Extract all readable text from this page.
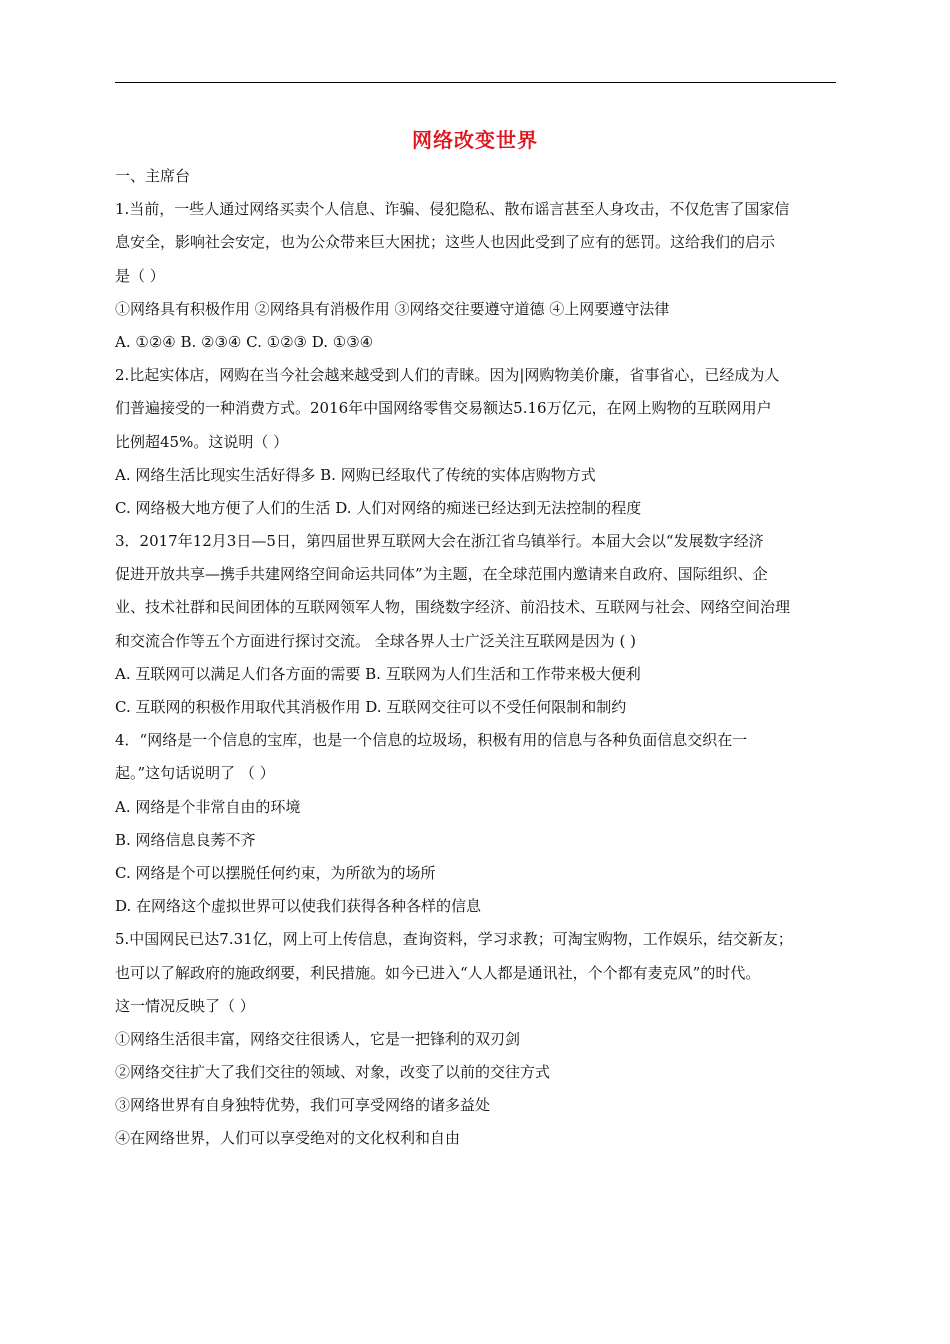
网络改变世界
一、主席台
1.当前，一些人通过网络买卖个人信息、诈骗、侵犯隐私、散布谣言甚至人身攻击，不仅危害了国家信
息安全，影响社会安定，也为公众带来巨大困扰；这些人也因此受到了应有的惩罚。这给我们的启示
是（ ）
①网络具有积极作用 ②网络具有消极作用 ③网络交往要遵守道德 ④上网要遵守法律
A. ①②④ B. ②③④ C. ①②③ D. ①③④
2.比起实体店，网购在当今社会越来越受到人们的青睐。因为|网购物美价廉，省事省心，已经成为人
们普遍接受的一种消费方式。2016年中国网络零售交易额达5.16万亿元，在网上购物的互联网用户
比例超45%。这说明（ ）
A. 网络生活比现实生活好得多 B. 网购已经取代了传统的实体店购物方式
C. 网络极大地方便了人们的生活 D. 人们对网络的痴迷已经达到无法控制的程度
3．2017年12月3日—5日，第四届世界互联网大会在浙江省乌镇举行。本届大会以“发展数字经济
促进开放共享—携手共建网络空间命运共同体”为主题，在全球范围内邀请来自政府、国际组织、企
业、技术社群和民间团体的互联网领军人物，围绕数字经济、前沿技术、互联网与社会、网络空间治理
和交流合作等五个方面进行探讨交流。 全球各界人士广泛关注互联网是因为 ( )
A. 互联网可以满足人们各方面的需要 B. 互联网为人们生活和工作带来极大便利
C. 互联网的积极作用取代其消极作用 D. 互联网交往可以不受任何限制和制约
4．“网络是一个信息的宝库，也是一个信息的垃圾场，积极有用的信息与各种负面信息交织在一
起。”这句话说明了 （ ）
A. 网络是个非常自由的环境
B. 网络信息良莠不齐
C. 网络是个可以摆脱任何约束，为所欲为的场所
D. 在网络这个虚拟世界可以使我们获得各种各样的信息
5.中国网民已达7.31亿，网上可上传信息，查询资料，学习求教；可淘宝购物，工作娱乐，结交新友；
也可以了解政府的施政纲要，利民措施。如今已进入“人人都是通讯社，个个都有麦克风”的时代。
这一情况反映了（ ）
①网络生活很丰富，网络交往很诱人，它是一把锋利的双刃剑
②网络交往扩大了我们交往的领域、对象，改变了以前的交往方式
③网络世界有自身独特优势，我们可享受网络的诸多益处
④在网络世界，人们可以享受绝对的文化权利和自由
